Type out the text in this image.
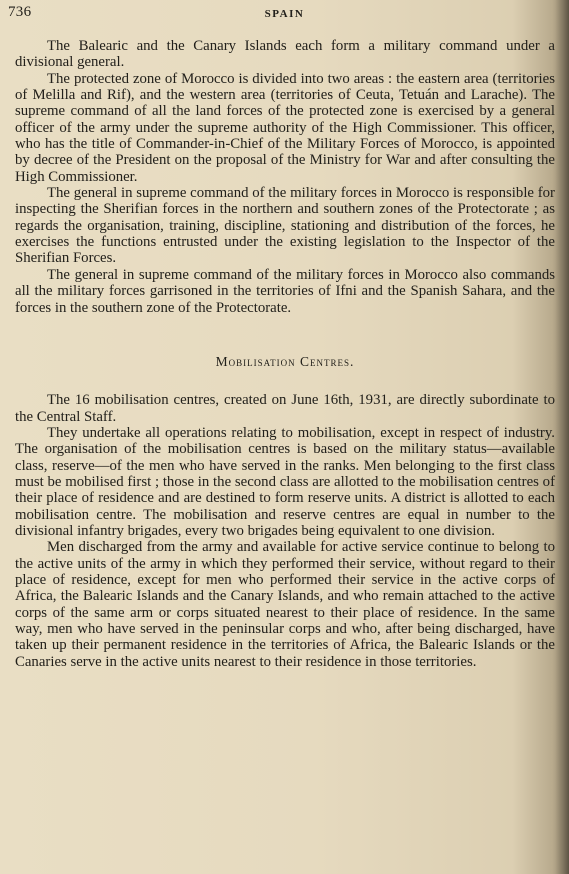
736	SPAIN

The Balearic and the Canary Islands each form a military command under a divisional general.

The protected zone of Morocco is divided into two areas : the eastern area (territories of Melilla and Rif), and the western area (territories of Ceuta, Tetuán and Larache). The supreme command of all the land forces of the protected zone is exercised by a general officer of the army under the supreme authority of the High Commissioner. This officer, who has the title of Commander-in-Chief of the Military Forces of Morocco, is appointed by decree of the President on the proposal of the Ministry for War and after consulting the High Commissioner.

The general in supreme command of the military forces in Morocco is responsible for inspecting the Sherifian forces in the northern and southern zones of the Protectorate ; as regards the organisation, training, discipline, stationing and distribution of the forces, he exercises the functions entrusted under the existing legislation to the Inspector of the Sherifian Forces.

The general in supreme command of the military forces in Morocco also commands all the military forces garrisoned in the territories of Ifni and the Spanish Sahara, and the forces in the southern zone of the Protectorate.

Mobilisation Centres.

The 16 mobilisation centres, created on June 16th, 1931, are directly subordinate to the Central Staff.

They undertake all operations relating to mobilisation, except in respect of industry. The organisation of the mobilisation centres is based on the military status—available class, reserve—of the men who have served in the ranks. Men belonging to the first class must be mobilised first ; those in the second class are allotted to the mobilisation centres of their place of residence and are destined to form reserve units. A district is allotted to each mobilisation centre. The mobilisation and reserve centres are equal in number to the divisional infantry brigades, every two brigades being equivalent to one division.

Men discharged from the army and available for active service continue to belong to the active units of the army in which they performed their service, without regard to their place of residence, except for men who performed their service in the active corps of Africa, the Balearic Islands and the Canary Islands, and who remain attached to the active corps of the same arm or corps situated nearest to their place of residence. In the same way, men who have served in the peninsular corps and who, after being discharged, have taken up their permanent residence in the territories of Africa, the Balearic Islands or the Canaries serve in the active units nearest to their residence in those territories.
